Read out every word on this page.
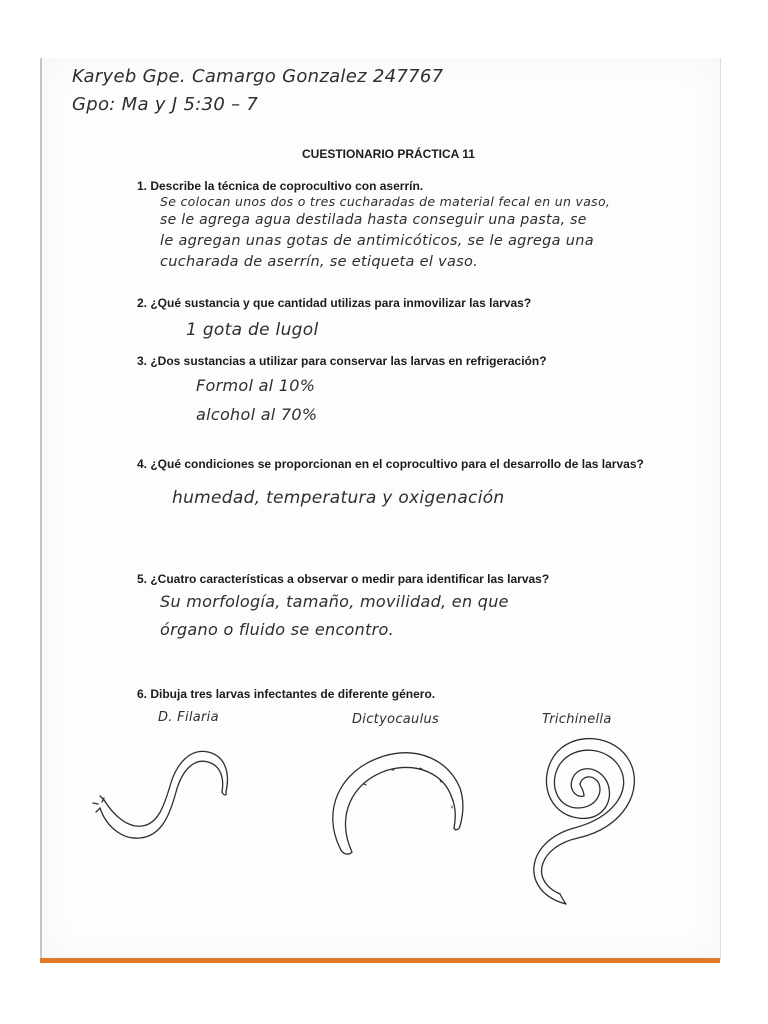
Karyeb Gpe. Camargo Gonzalez 247767
Gpo: Ma y J 5:30 – 7
CUESTIONARIO PRÁCTICA 11
1. Describe la técnica de coprocultivo con aserrín.
Se colocan unos dos o tres cucharadas de material fecal en un vaso,
se le agrega agua destilada hasta conseguir una pasta, se
le agregan unas gotas de antimicóticos, se le agrega una
cucharada de aserrín, se etiqueta el vaso.
2. ¿Qué sustancia y que cantidad utilizas para inmovilizar las larvas?
1 gota de lugol
3. ¿Dos sustancias a utilizar para conservar las larvas en refrigeración?
Formol al 10%
alcohol al 70%
4. ¿Qué condiciones se proporcionan en el coprocultivo para el desarrollo de las larvas?
humedad, temperatura y oxigenación
5. ¿Cuatro características a observar o medir para identificar las larvas?
Su morfología, tamaño, movilidad, en que
órgano o fluido se encontro.
6. Dibuja tres larvas infectantes de diferente género.
D. Filaria	Dictyocaulus	Trichinella
